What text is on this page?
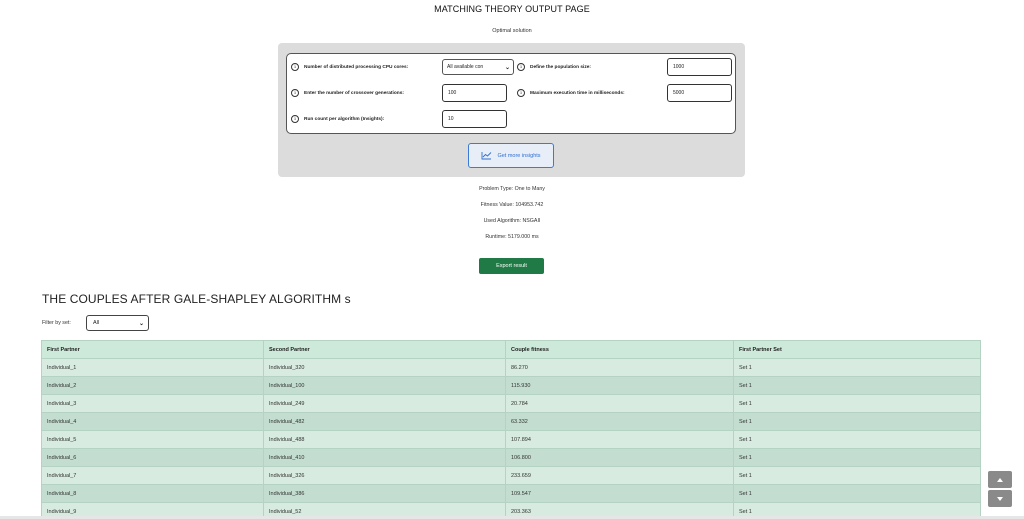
MATCHING THEORY OUTPUT PAGE
Optimal solution
i	Number of distributed processing CPU cores:	All available con	⌄	i	Define the population size:	1000
i	Enter the number of crossover generations:	100	i	Maximum execution time in milliseconds:	5000
i	Run count per algorithm (Insights):	10
Get more insights
Problem Type: One to Many
Fitness Value: 104953.742
Used Algorithm: NSGAII
Runtime: 5179.000 ms
Export result
THE COUPLES AFTER GALE-SHAPLEY ALGORITHM s
Filter by set:	All	⌄
First Partner	Second Partner	Couple fitness	First Partner Set
Individual_1	Individual_320	86.270	Set 1
Individual_2	Individual_100	115.930	Set 1
Individual_3	Individual_249	20.784	Set 1
Individual_4	Individual_482	63.332	Set 1
Individual_5	Individual_488	107.894	Set 1
Individual_6	Individual_410	106.800	Set 1
Individual_7	Individual_326	233.659	Set 1
Individual_8	Individual_386	109.547	Set 1
Individual_9	Individual_52	203.363	Set 1
